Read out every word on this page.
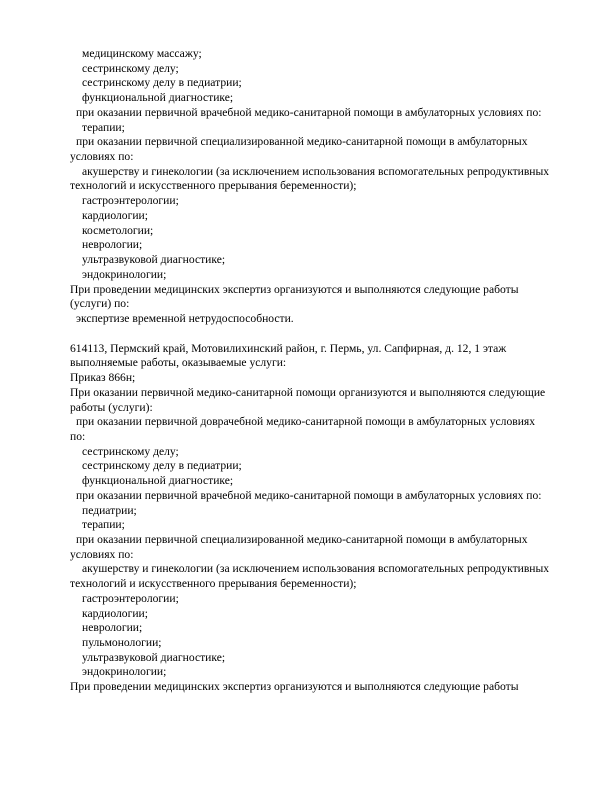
медицинскому массажу;

сестринскому делу;

сестринскому делу в педиатрии;

функциональной диагностике;

при оказании первичной врачебной медико-санитарной помощи в амбулаторных условиях по:

терапии;

при оказании первичной специализированной медико-санитарной помощи в амбулаторных

условиях по:

акушерству и гинекологии (за исключением использования вспомогательных репродуктивных

технологий и искусственного прерывания беременности);

гастроэнтерологии;

кардиологии;

косметологии;

неврологии;

ультразвуковой диагностике;

эндокринологии;

При проведении медицинских экспертиз организуются и выполняются следующие работы

(услуги) по:

экспертизе временной нетрудоспособности.

614113, Пермский край, Мотовилихинский район, г. Пермь, ул. Сапфирная, д. 12, 1 этаж

выполняемые работы, оказываемые услуги:

Приказ 866н;

При оказании первичной медико-санитарной помощи организуются и выполняются следующие

работы (услуги):

при оказании первичной доврачебной медико-санитарной помощи в амбулаторных условиях

по:

сестринскому делу;

сестринскому делу в педиатрии;

функциональной диагностике;

при оказании первичной врачебной медико-санитарной помощи в амбулаторных условиях по:

педиатрии;

терапии;

при оказании первичной специализированной медико-санитарной помощи в амбулаторных

условиях по:

акушерству и гинекологии (за исключением использования вспомогательных репродуктивных

технологий и искусственного прерывания беременности);

гастроэнтерологии;

кардиологии;

неврологии;

пульмонологии;

ультразвуковой диагностике;

эндокринологии;

При проведении медицинских экспертиз организуются и выполняются следующие работы
